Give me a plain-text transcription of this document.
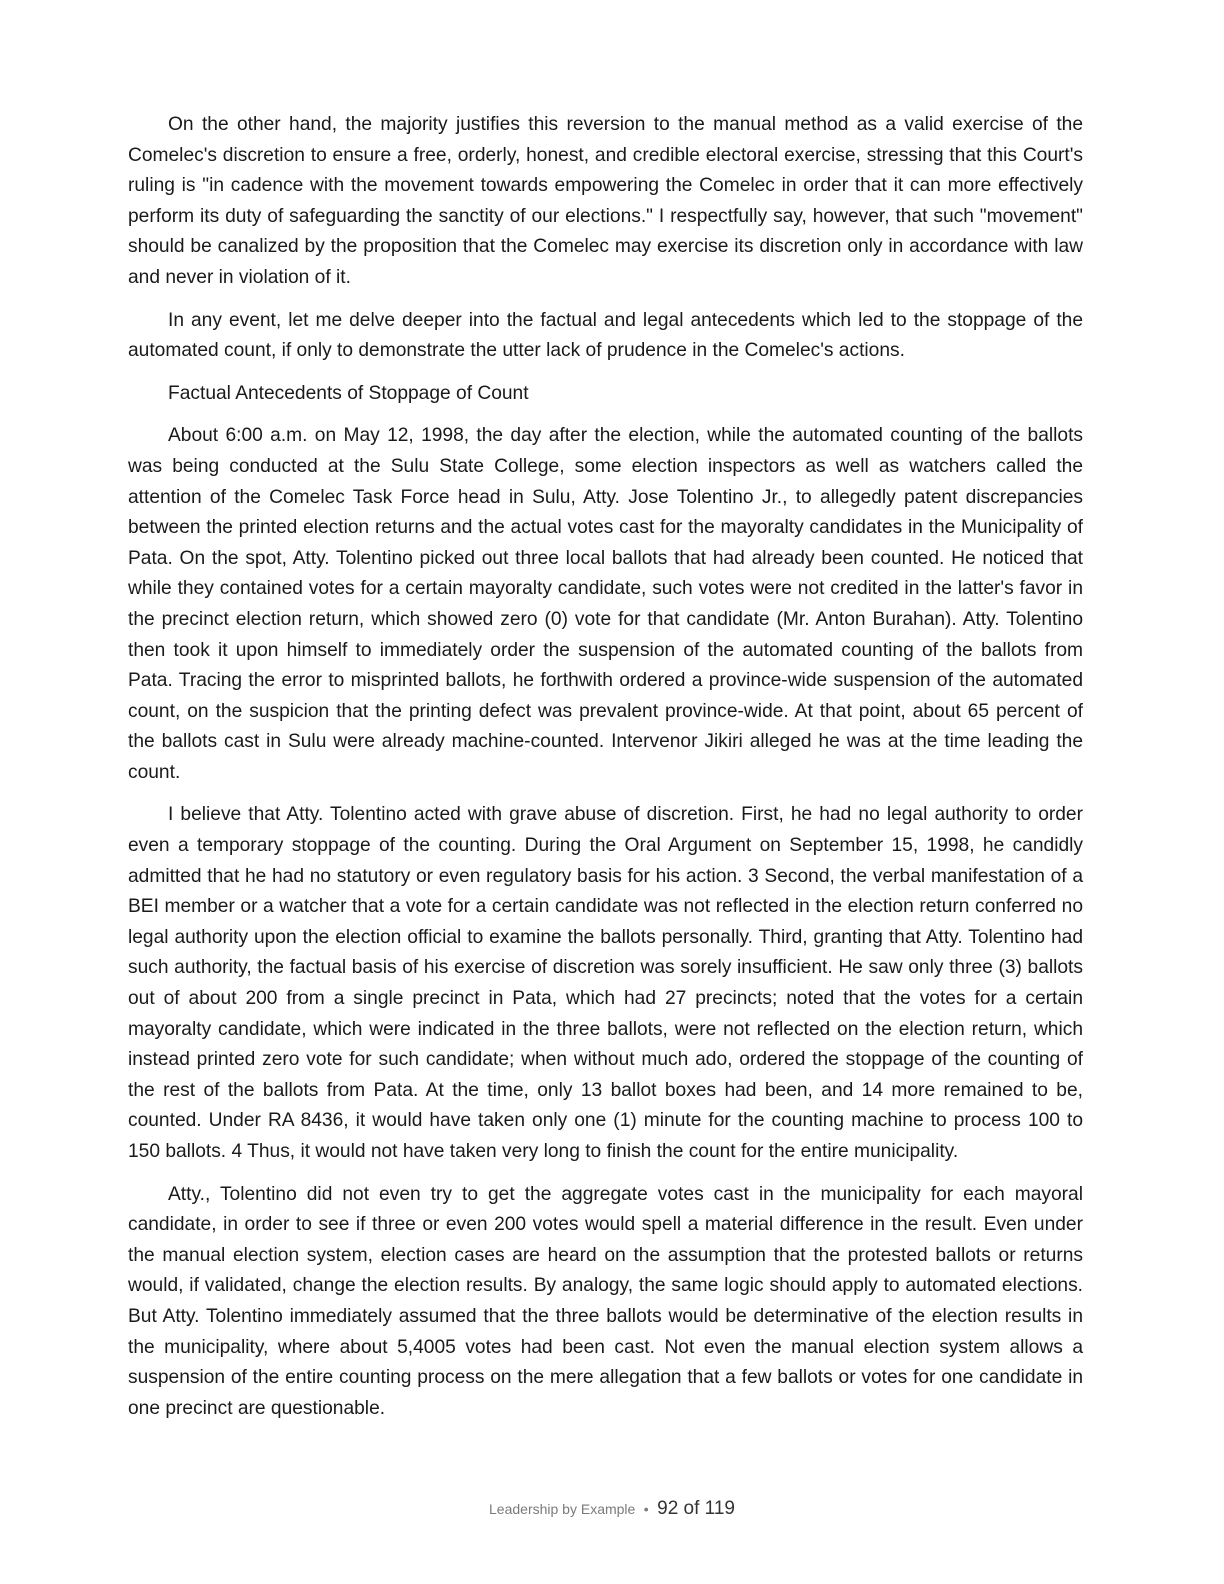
On the other hand, the majority justifies this reversion to the manual method as a valid exercise of the Comelec's discretion to ensure a free, orderly, honest, and credible electoral exercise, stressing that this Court's ruling is "in cadence with the movement towards empowering the Comelec in order that it can more effectively perform its duty of safeguarding the sanctity of our elections." I respectfully say, however, that such "movement" should be canalized by the proposition that the Comelec may exercise its discretion only in accordance with law and never in violation of it.

In any event, let me delve deeper into the factual and legal antecedents which led to the stoppage of the automated count, if only to demonstrate the utter lack of prudence in the Comelec's actions.

Factual Antecedents of Stoppage of Count

About 6:00 a.m. on May 12, 1998, the day after the election, while the automated counting of the ballots was being conducted at the Sulu State College, some election inspectors as well as watchers called the attention of the Comelec Task Force head in Sulu, Atty. Jose Tolentino Jr., to allegedly patent discrepancies between the printed election returns and the actual votes cast for the mayoralty candidates in the Municipality of Pata. On the spot, Atty. Tolentino picked out three local ballots that had already been counted. He noticed that while they contained votes for a certain mayoralty candidate, such votes were not credited in the latter's favor in the precinct election return, which showed zero (0) vote for that candidate (Mr. Anton Burahan). Atty. Tolentino then took it upon himself to immediately order the suspension of the automated counting of the ballots from Pata. Tracing the error to misprinted ballots, he forthwith ordered a province-wide suspension of the automated count, on the suspicion that the printing defect was prevalent province-wide. At that point, about 65 percent of the ballots cast in Sulu were already machine-counted. Intervenor Jikiri alleged he was at the time leading the count.

I believe that Atty. Tolentino acted with grave abuse of discretion. First, he had no legal authority to order even a temporary stoppage of the counting. During the Oral Argument on September 15, 1998, he candidly admitted that he had no statutory or even regulatory basis for his action. 3 Second, the verbal manifestation of a BEI member or a watcher that a vote for a certain candidate was not reflected in the election return conferred no legal authority upon the election official to examine the ballots personally. Third, granting that Atty. Tolentino had such authority, the factual basis of his exercise of discretion was sorely insufficient. He saw only three (3) ballots out of about 200 from a single precinct in Pata, which had 27 precincts; noted that the votes for a certain mayoralty candidate, which were indicated in the three ballots, were not reflected on the election return, which instead printed zero vote for such candidate; when without much ado, ordered the stoppage of the counting of the rest of the ballots from Pata. At the time, only 13 ballot boxes had been, and 14 more remained to be, counted. Under RA 8436, it would have taken only one (1) minute for the counting machine to process 100 to 150 ballots. 4 Thus, it would not have taken very long to finish the count for the entire municipality.

Atty., Tolentino did not even try to get the aggregate votes cast in the municipality for each mayoral candidate, in order to see if three or even 200 votes would spell a material difference in the result. Even under the manual election system, election cases are heard on the assumption that the protested ballots or returns would, if validated, change the election results. By analogy, the same logic should apply to automated elections. But Atty. Tolentino immediately assumed that the three ballots would be determinative of the election results in the municipality, where about 5,4005 votes had been cast. Not even the manual election system allows a suspension of the entire counting process on the mere allegation that a few ballots or votes for one candidate in one precinct are questionable.

Leadership by Example • 92 of 119
